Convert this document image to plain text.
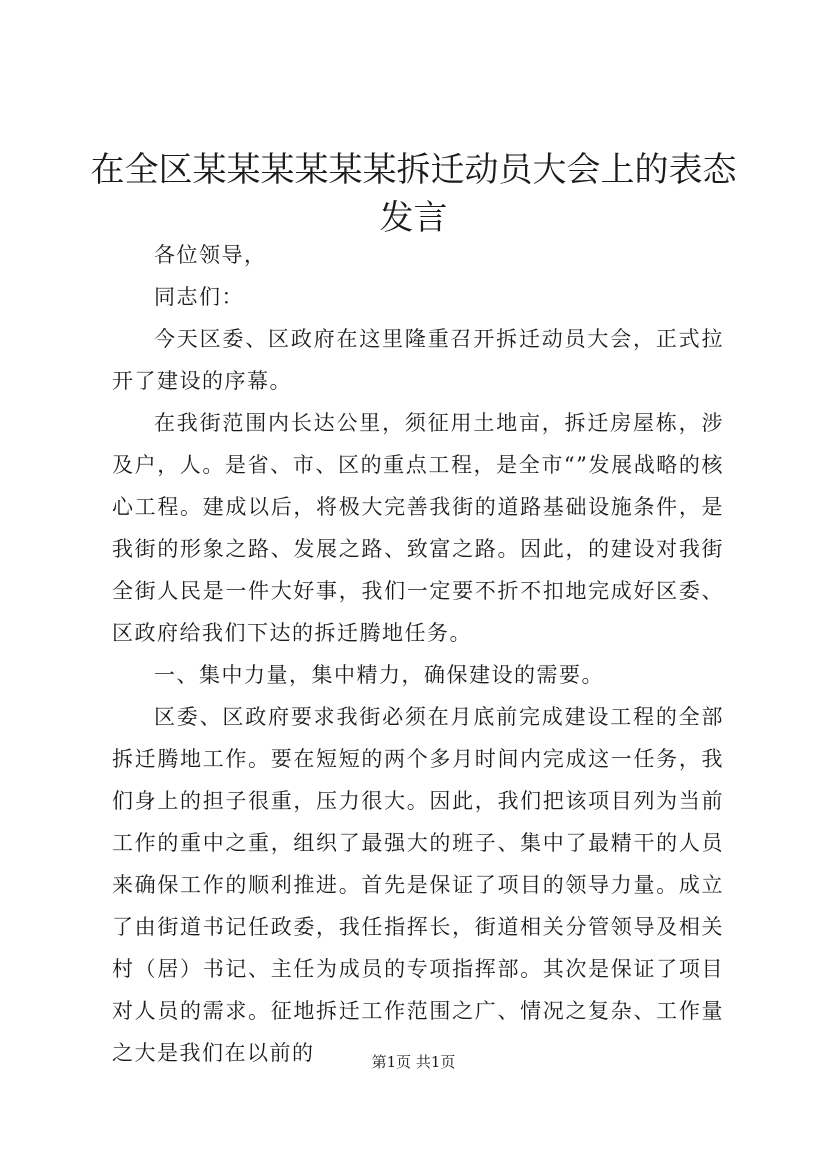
在全区某某某某某某拆迁动员大会上的表态发言

各位领导，

同志们：

今天区委、区政府在这里隆重召开拆迁动员大会，正式拉开了建设的序幕。

在我街范围内长达公里，须征用土地亩，拆迁房屋栋，涉及户，人。是省、市、区的重点工程，是全市“”发展战略的核心工程。建成以后，将极大完善我街的道路基础设施条件，是我街的形象之路、发展之路、致富之路。因此，的建设对我街全街人民是一件大好事，我们一定要不折不扣地完成好区委、区政府给我们下达的拆迁腾地任务。

一、集中力量，集中精力，确保建设的需要。

区委、区政府要求我街必须在月底前完成建设工程的全部拆迁腾地工作。要在短短的两个多月时间内完成这一任务，我们身上的担子很重，压力很大。因此，我们把该项目列为当前工作的重中之重，组织了最强大的班子、集中了最精干的人员来确保工作的顺利推进。首先是保证了项目的领导力量。成立了由街道书记任政委，我任指挥长，街道相关分管领导及相关村（居）书记、主任为成员的专项指挥部。其次是保证了项目对人员的需求。征地拆迁工作范围之广、情况之复杂、工作量之大是我们在以前的	第1页 共1页
